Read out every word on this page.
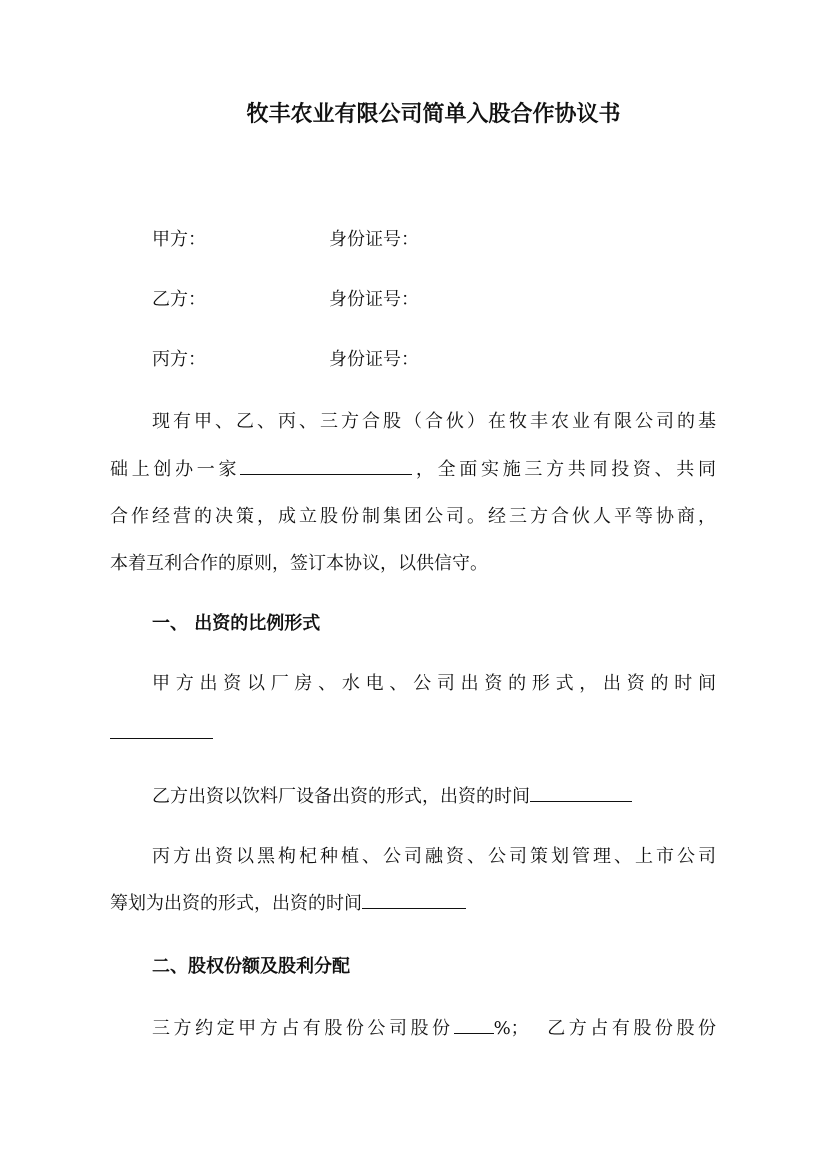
牧丰农业有限公司简单入股合作协议书
甲方：	身份证号：
乙方：	身份证号：
丙方：	身份证号：
现有甲、乙、丙、三方合股（合伙）在牧丰农业有限公司的基
础上创办一家	，全面实施三方共同投资、共同
合作经营的决策，成立股份制集团公司。经三方合伙人平等协商，
本着互利合作的原则，签订本协议，以供信守。
一、 出资的比例形式
甲方出资以厂房、水电、公司出资的形式，出资的时间
乙方出资以饮料厂设备出资的形式，出资的时间
丙方出资以黑枸杞种植、公司融资、公司策划管理、上市公司
筹划为出资的形式，出资的时间
二、股权份额及股利分配
三方约定甲方占有股份公司股份 %；  乙方占有股份股份
